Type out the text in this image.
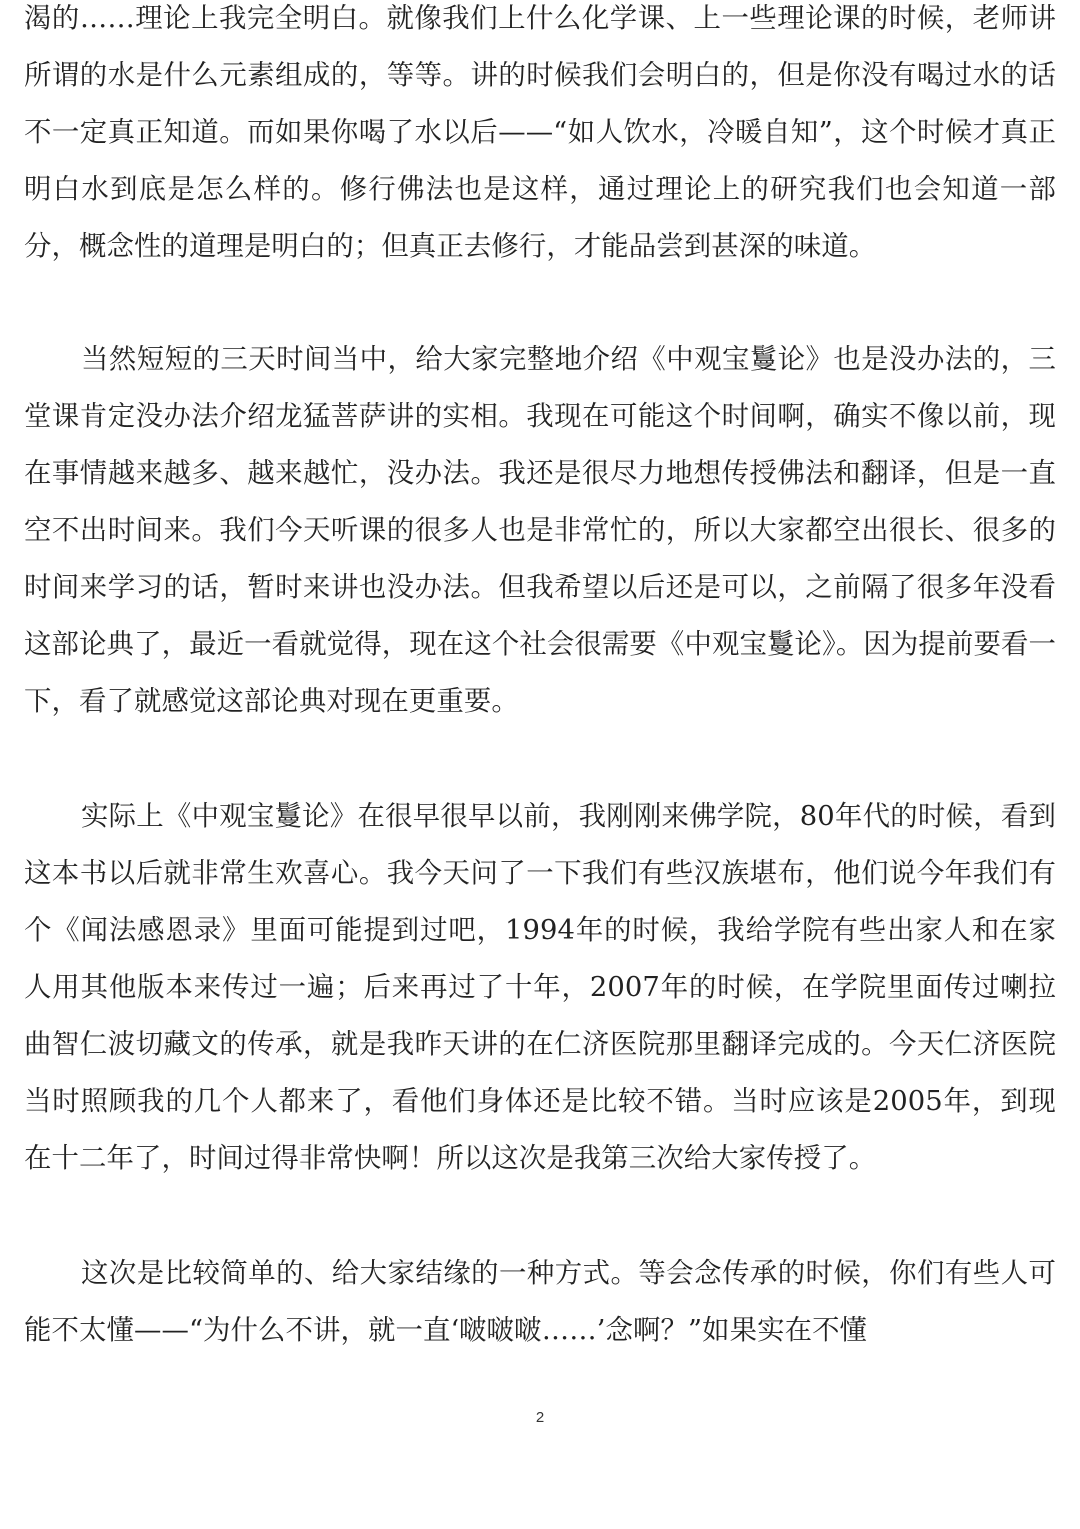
渴的……理论上我完全明白。就像我们上什么化学课、上一些理论课的时候，老师讲所谓的水是什么元素组成的，等等。讲的时候我们会明白的，但是你没有喝过水的话不一定真正知道。而如果你喝了水以后——“如人饮水，冷暖自知”，这个时候才真正明白水到底是怎么样的。修行佛法也是这样，通过理论上的研究我们也会知道一部分，概念性的道理是明白的；但真正去修行，才能品尝到甚深的味道。

当然短短的三天时间当中，给大家完整地介绍《中观宝鬘论》也是没办法的，三堂课肯定没办法介绍龙猛菩萨讲的实相。我现在可能这个时间啊，确实不像以前，现在事情越来越多、越来越忙，没办法。我还是很尽力地想传授佛法和翻译，但是一直空不出时间来。我们今天听课的很多人也是非常忙的，所以大家都空出很长、很多的时间来学习的话，暂时来讲也没办法。但我希望以后还是可以，之前隔了很多年没看这部论典了，最近一看就觉得，现在这个社会很需要《中观宝鬘论》。因为提前要看一下，看了就感觉这部论典对现在更重要。

实际上《中观宝鬘论》在很早很早以前，我刚刚来佛学院，80年代的时候，看到这本书以后就非常生欢喜心。我今天问了一下我们有些汉族堪布，他们说今年我们有个《闻法感恩录》里面可能提到过吧，1994年的时候，我给学院有些出家人和在家人用其他版本来传过一遍；后来再过了十年，2007年的时候，在学院里面传过喇拉曲智仁波切藏文的传承，就是我昨天讲的在仁济医院那里翻译完成的。今天仁济医院当时照顾我的几个人都来了，看他们身体还是比较不错。当时应该是2005年，到现在十二年了，时间过得非常快啊！所以这次是我第三次给大家传授了。

这次是比较简单的、给大家结缘的一种方式。等会念传承的时候，你们有些人可能不太懂——“为什么不讲，就一直‘啵啵啵……’念啊？”如果实在不懂

2
